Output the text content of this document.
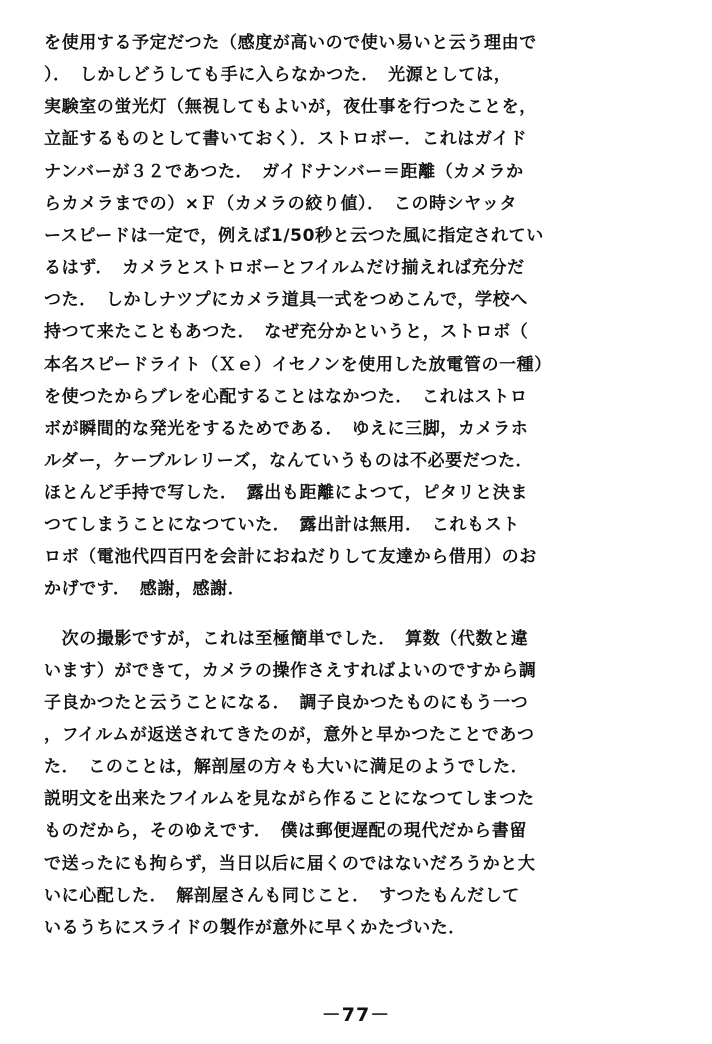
を使用する予定だつた（感度が高いので使い易いと云う理由で
）．　しかしどうしても手に入らなかつた．　光源としては，
実験室の蛍光灯（無視してもよいが，夜仕事を行つたことを，
立証するものとして書いておく）．ストロボー．これはガイド
ナンバーが３２であつた．　ガイドナンバー＝距離（カメラか
らカメラまでの）×Ｆ（カメラの絞り値）．　この時シヤッタ
ースピードは一定で，例えば1/50秒と云つた風に指定されてい
るはず．　カメラとストロボーとフイルムだけ揃えれば充分だ
つた．　しかしナツプにカメラ道具一式をつめこんで，学校へ
持つて来たこともあつた．　なぜ充分かというと，ストロボ（
本名スピードライト（Ｘｅ）イセノンを使用した放電管の一種）
を使つたからブレを心配することはなかつた．　これはストロ
ボが瞬間的な発光をするためである．　ゆえに三脚，カメラホ
ルダー，ケーブルレリーズ，なんていうものは不必要だつた．
ほとんど手持で写した．　露出も距離によつて，ピタリと決ま
つてしまうことになつていた．　露出計は無用．　これもスト
ロボ（電池代四百円を会計におねだりして友達から借用）のお
かげです．　感謝，感謝．
　次の撮影ですが，これは至極簡単でした．　算数（代数と違
います）ができて，カメラの操作さえすればよいのですから調
子良かつたと云うことになる．　調子良かつたものにもう一つ
，フイルムが返送されてきたのが，意外と早かつたことであつ
た．　このことは，解剖屋の方々も大いに満足のようでした．
説明文を出来たフイルムを見ながら作ることになつてしまつた
ものだから，そのゆえです．　僕は郵便遅配の現代だから書留
で送ったにも拘らず，当日以后に届くのではないだろうかと大
いに心配した．　解剖屋さんも同じこと．　すつたもんだして
いるうちにスライドの製作が意外に早くかたづいた．
－77－
